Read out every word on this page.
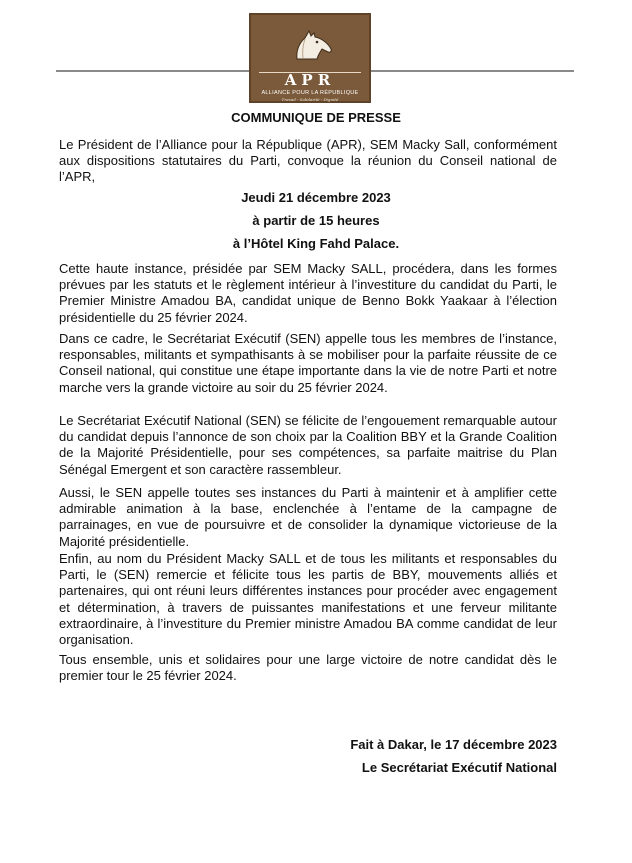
APR
ALLIANCE POUR LA RÉPUBLIQUE
Travail - Solidarité - Dignité
COMMUNIQUE DE PRESSE

Le Président de l’Alliance pour la République (APR), SEM Macky Sall, conformément aux dispositions statutaires du Parti, convoque la réunion du Conseil national de l’APR,

Jeudi 21 décembre 2023
à partir de 15 heures
à l’Hôtel King Fahd Palace.

Cette haute instance, présidée par SEM Macky SALL, procédera, dans les formes prévues par les statuts et le règlement intérieur à l’investiture du candidat du Parti, le Premier Ministre Amadou BA, candidat unique de Benno Bokk Yaakaar à l’élection présidentielle du 25 février 2024.

Dans ce cadre, le Secrétariat Exécutif (SEN) appelle tous les membres de l’instance, responsables, militants et sympathisants à se mobiliser pour la parfaite réussite de ce Conseil national, qui constitue une étape importante dans la vie de notre Parti et notre marche vers la grande victoire au soir du 25 février 2024.

Le Secrétariat Exécutif National (SEN) se félicite de l’engouement remarquable autour du candidat depuis l’annonce de son choix par la Coalition BBY et la Grande Coalition de la Majorité Présidentielle, pour ses compétences, sa parfaite maitrise du Plan Sénégal Emergent et son caractère rassembleur.

Aussi, le SEN appelle toutes ses instances du Parti à maintenir et à amplifier cette admirable animation à la base, enclenchée à l’entame de la campagne de parrainages, en vue de poursuivre et de consolider la dynamique victorieuse de la Majorité présidentielle.

Enfin, au nom du Président Macky SALL et de tous les militants et responsables du Parti, le (SEN) remercie et félicite tous les partis de BBY, mouvements alliés et partenaires, qui ont réuni leurs différentes instances pour procéder avec engagement et détermination, à travers de puissantes manifestations et une ferveur militante extraordinaire, à l’investiture du Premier ministre Amadou BA comme candidat de leur organisation.

Tous ensemble, unis et solidaires pour une large victoire de notre candidat dès le premier tour le 25 février 2024.

Fait à Dakar, le 17 décembre 2023
Le Secrétariat Exécutif National
